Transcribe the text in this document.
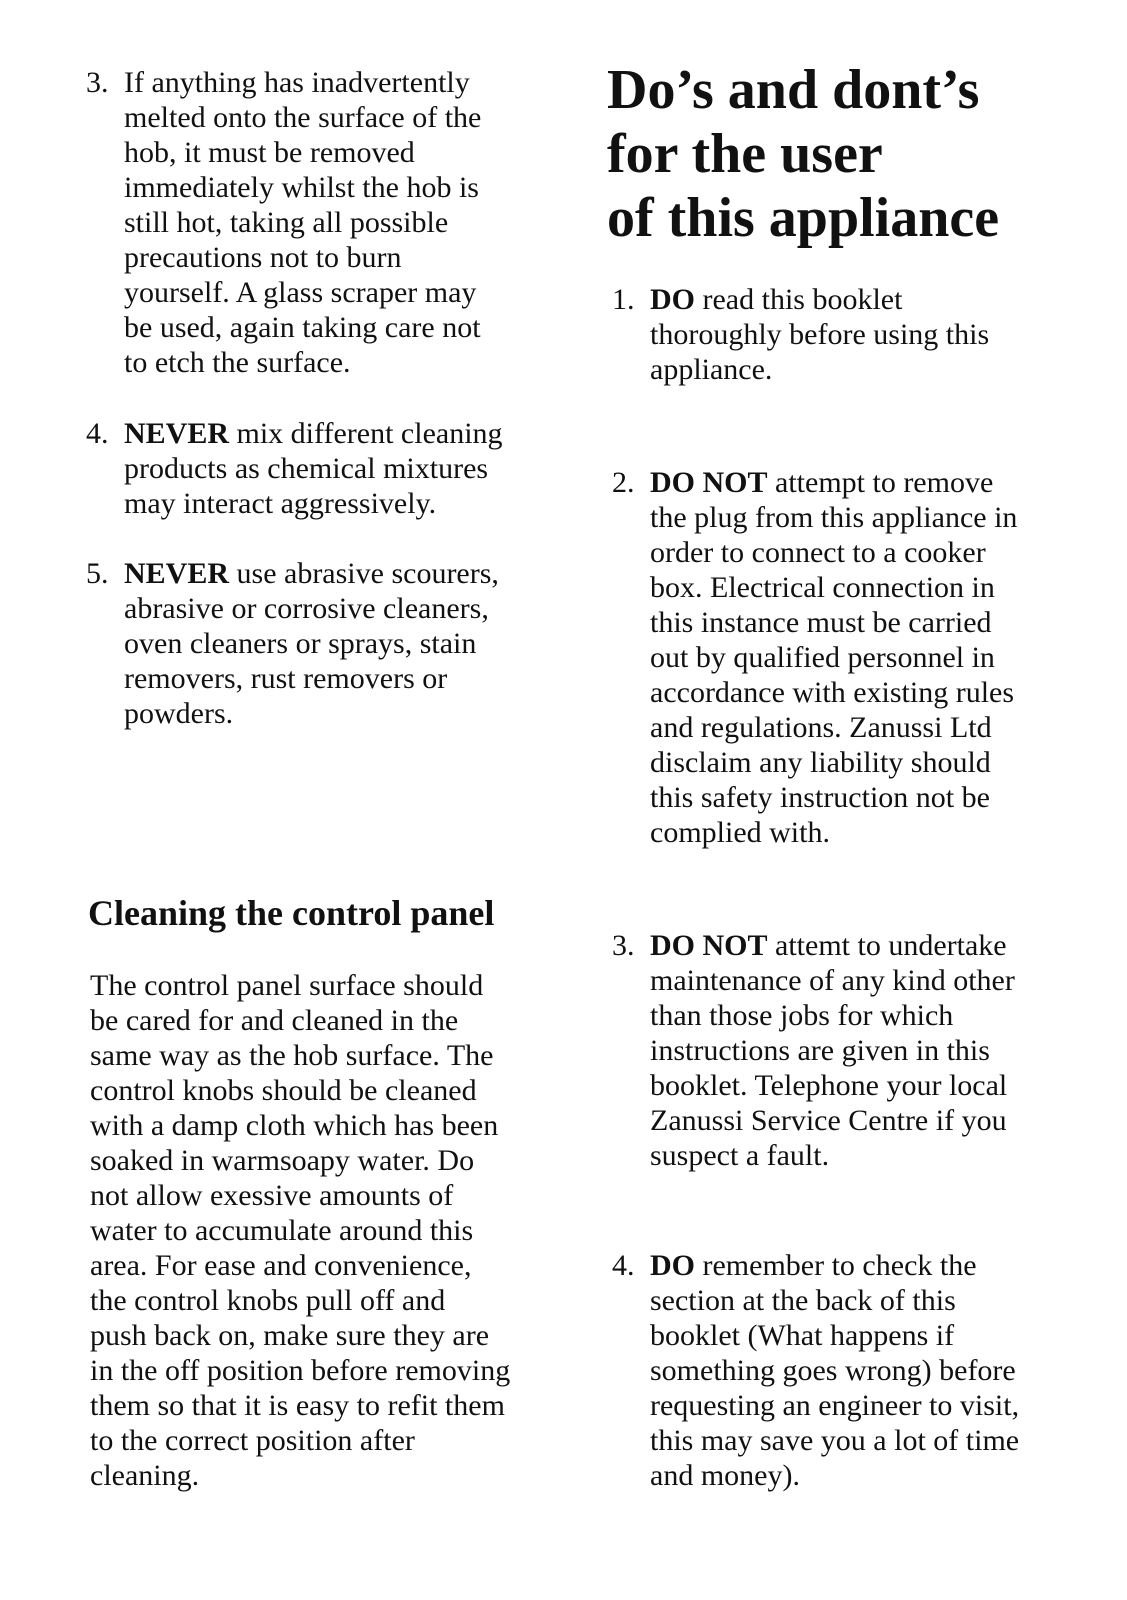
3. If anything has inadvertently
melted onto the surface of the
hob, it must be removed
immediately whilst the hob is
still hot, taking all possible
precautions not to burn
yourself. A glass scraper may
be used, again taking care not
to etch the surface.
4. NEVER mix different cleaning
products as chemical mixtures
may interact aggressively.
5. NEVER use abrasive scourers,
abrasive or corrosive cleaners,
oven cleaners or sprays, stain
removers, rust removers or
powders.
Cleaning the control panel

The control panel surface should
be cared for and cleaned in the
same way as the hob surface. The
control knobs should be cleaned
with a damp cloth which has been
soaked in warmsoapy water. Do
not allow exessive amounts of
water to accumulate around this
area. For ease and convenience,
the control knobs pull off and
push back on, make sure they are
in the off position before removing
them so that it is easy to refit them
to the correct position after
cleaning.

Do’s and dont’s
for the user
of this appliance
1. DO read this booklet
thoroughly before using this
appliance.
2. DO NOT attempt to remove
the plug from this appliance in
order to connect to a cooker
box. Electrical connection in
this instance must be carried
out by qualified personnel in
accordance with existing rules
and regulations. Zanussi Ltd
disclaim any liability should
this safety instruction not be
complied with.
3. DO NOT attemt to undertake
maintenance of any kind other
than those jobs for which
instructions are given in this
booklet. Telephone your local
Zanussi Service Centre if you
suspect a fault.
4. DO remember to check the
section at the back of this
booklet (What happens if
something goes wrong) before
requesting an engineer to visit,
this may save you a lot of time
and money).
